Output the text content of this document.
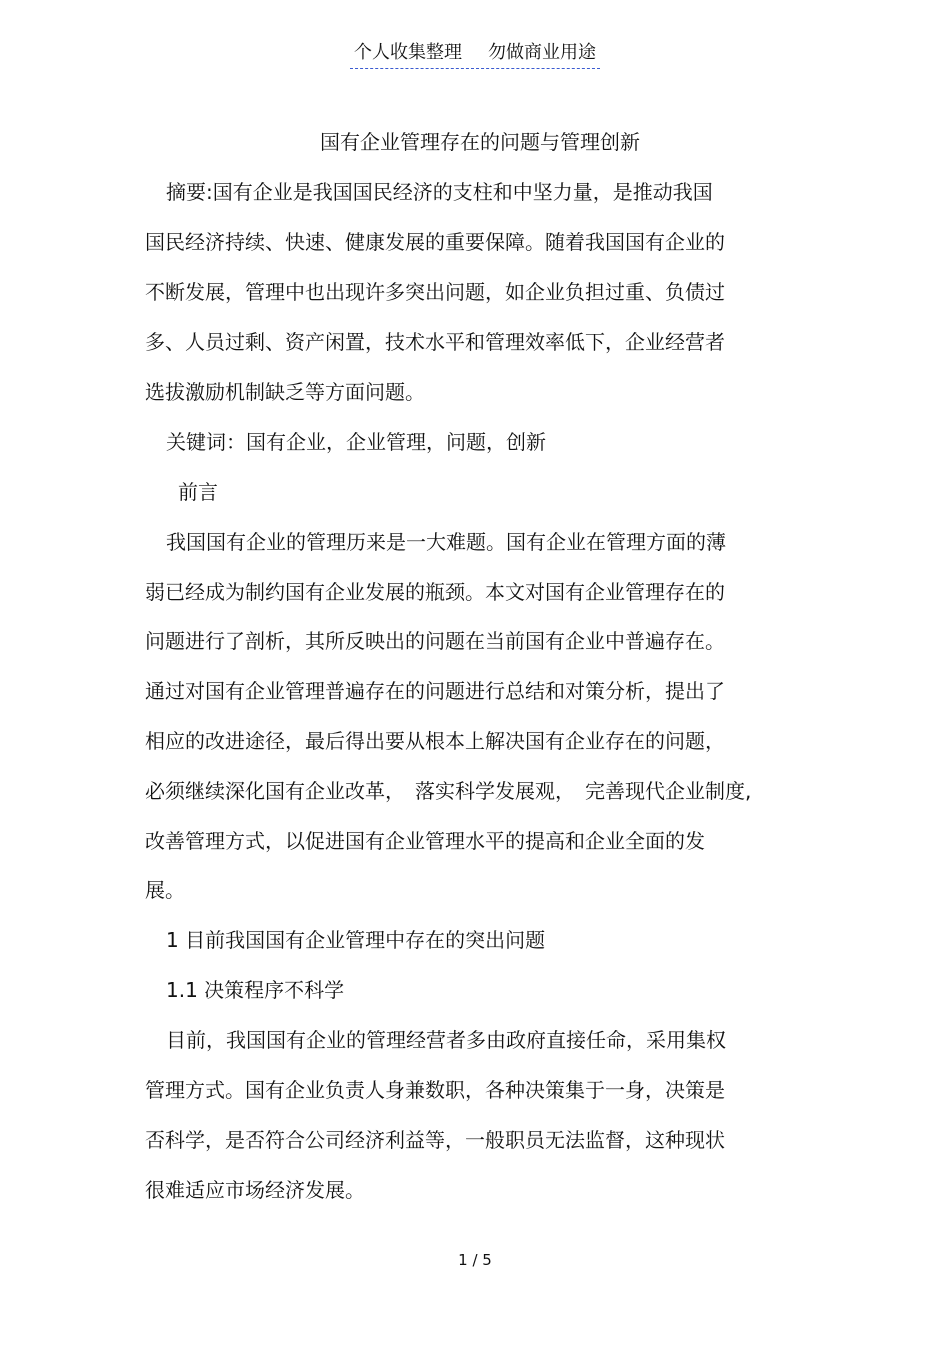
个人收集整理 勿做商业用途
国有企业管理存在的问题与管理创新
摘要:国有企业是我国国民经济的支柱和中坚力量，是推动我国
国民经济持续、快速、健康发展的重要保障。随着我国国有企业的
不断发展，管理中也出现许多突出问题，如企业负担过重、负债过
多、人员过剩、资产闲置，技术水平和管理效率低下，企业经营者
选拔激励机制缺乏等方面问题。
关键词：国有企业，企业管理，问题，创新
前言
我国国有企业的管理历来是一大难题。国有企业在管理方面的薄
弱已经成为制约国有企业发展的瓶颈。本文对国有企业管理存在的
问题进行了剖析，其所反映出的问题在当前国有企业中普遍存在。
通过对国有企业管理普遍存在的问题进行总结和对策分析，提出了
相应的改进途径，最后得出要从根本上解决国有企业存在的问题，
必须继续深化国有企业改革，　落实科学发展观，　完善现代企业制度,
改善管理方式，以促进国有企业管理水平的提高和企业全面的发
展。
1 目前我国国有企业管理中存在的突出问题
1.1 决策程序不科学
目前，我国国有企业的管理经营者多由政府直接任命，采用集权
管理方式。国有企业负责人身兼数职，各种决策集于一身，决策是
否科学，是否符合公司经济利益等，一般职员无法监督，这种现状
很难适应市场经济发展。
1 / 5
